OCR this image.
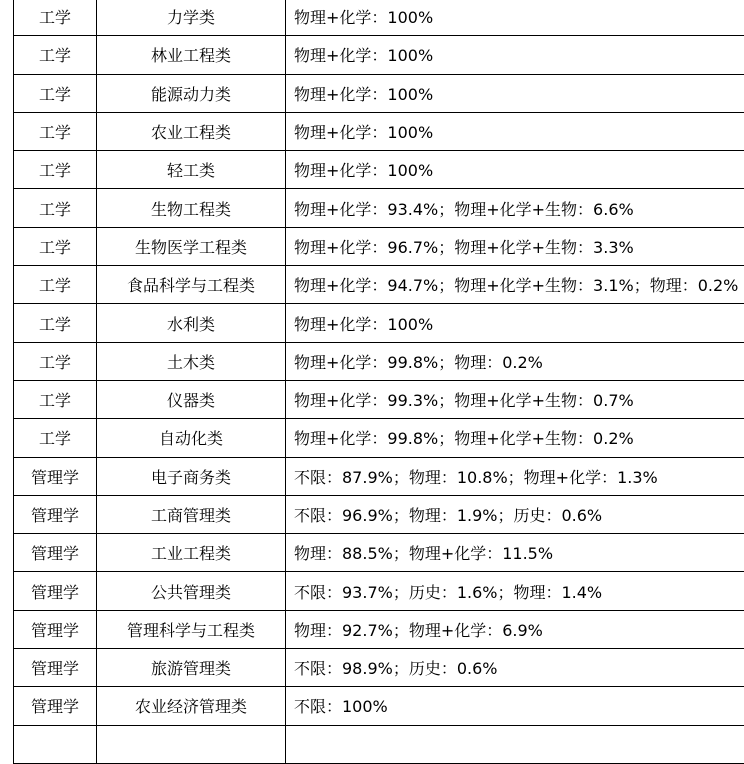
工学	力学类	物理+化学：100%
工学	林业工程类	物理+化学：100%
工学	能源动力类	物理+化学：100%
工学	农业工程类	物理+化学：100%
工学	轻工类	物理+化学：100%
工学	生物工程类	物理+化学：93.4%；物理+化学+生物：6.6%
工学	生物医学工程类	物理+化学：96.7%；物理+化学+生物：3.3%
工学	食品科学与工程类	物理+化学：94.7%；物理+化学+生物：3.1%；物理：0.2%
工学	水利类	物理+化学：100%
工学	土木类	物理+化学：99.8%；物理：0.2%
工学	仪器类	物理+化学：99.3%；物理+化学+生物：0.7%
工学	自动化类	物理+化学：99.8%；物理+化学+生物：0.2%
管理学	电子商务类	不限：87.9%；物理：10.8%；物理+化学：1.3%
管理学	工商管理类	不限：96.9%；物理：1.9%；历史：0.6%
管理学	工业工程类	物理：88.5%；物理+化学：11.5%
管理学	公共管理类	不限：93.7%；历史：1.6%；物理：1.4%
管理学	管理科学与工程类	物理：92.7%；物理+化学：6.9%
管理学	旅游管理类	不限：98.9%；历史：0.6%
管理学	农业经济管理类	不限：100%
